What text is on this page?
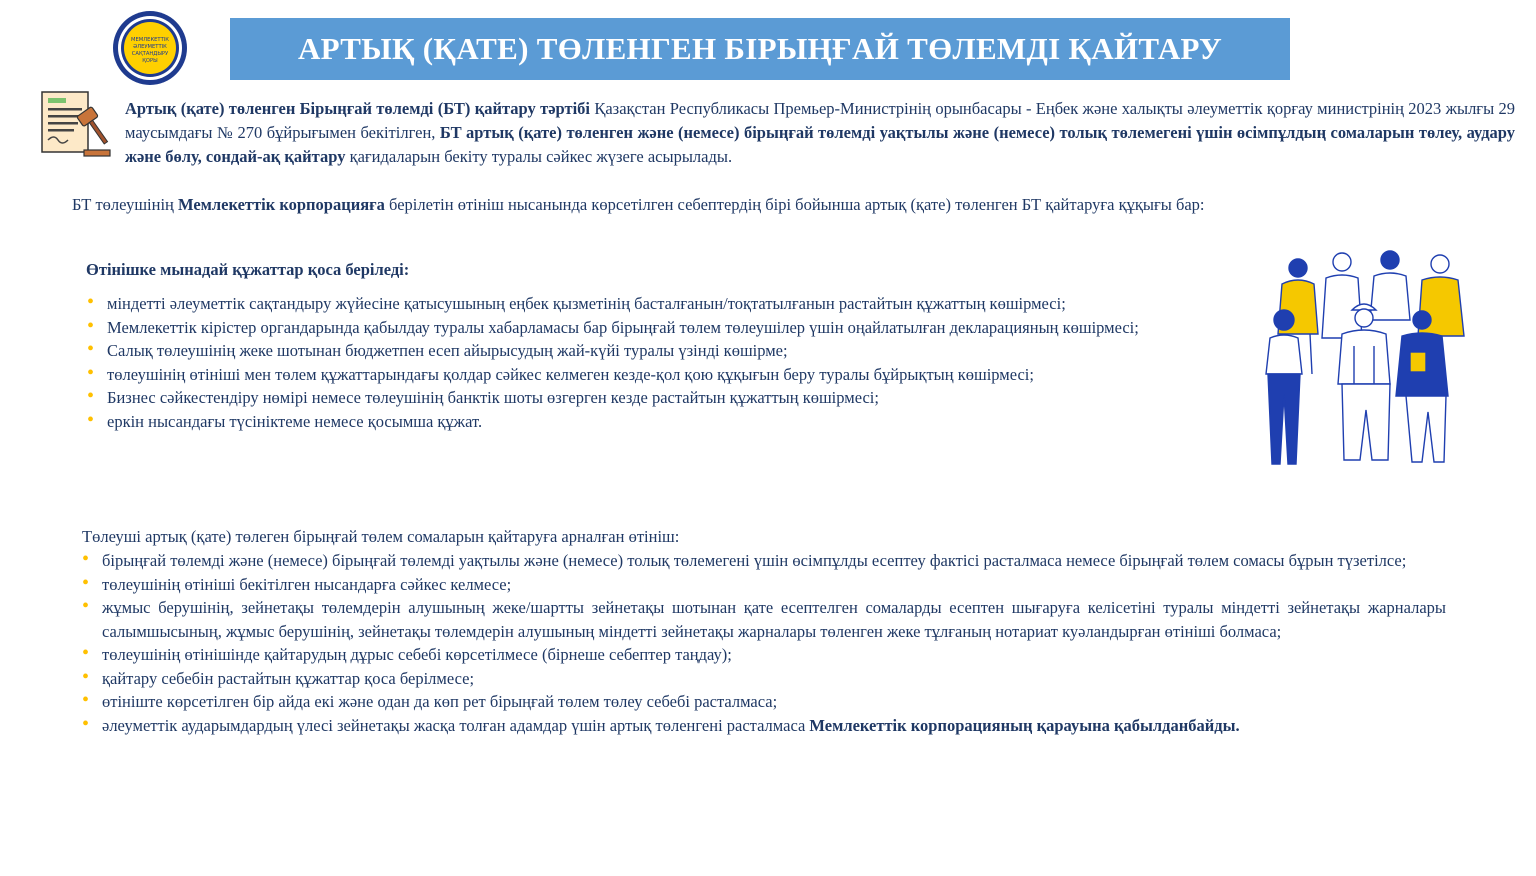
МЕМЛЕКЕТТІК
ӘЛЕУМЕТТІК
САҚТАНДЫРУ
ҚОРЫ	АРТЫҚ (ҚАТЕ) ТӨЛЕНГЕН БІРЫҢҒАЙ ТӨЛЕМДІ ҚАЙТАРУ

Артық (қате) төленген Бірыңғай төлемді (БТ) қайтару тәртібі Қазақстан Республикасы Премьер-Министрінің орынбасары - Еңбек және халықты әлеуметтік қорғау министрінің 2023 жылғы 29 маусымдағы № 270 бұйрығымен бекітілген, БТ артық (қате) төленген және (немесе) бірыңғай төлемді уақтылы және (немесе) толық төлемегені үшін өсімпұлдың сомаларын төлеу, аудару және бөлу, сондай-ақ қайтару қағидаларын бекіту туралы сәйкес жүзеге асырылады.

БТ төлеушінің Мемлекеттік корпорацияға берілетін өтініш нысанында көрсетілген себептердің бірі бойынша артық (қате) төленген БТ қайтаруға құқығы бар:

Өтінішке мынадай құжаттар қоса беріледі:

• міндетті әлеуметтік сақтандыру жүйесіне қатысушының еңбек қызметінің басталғанын/тоқтатылғанын растайтын құжаттың көшірмесі;
• Мемлекеттік кірістер органдарында қабылдау туралы хабарламасы бар бірыңғай төлем төлеушілер үшін оңайлатылған декларацияның көшірмесі;
• Салық төлеушінің жеке шотынан бюджетпен есеп айырысудың жай-күйі туралы үзінді көшірме;
• төлеушінің өтініші мен төлем құжаттарындағы қолдар сәйкес келмеген кезде-қол қою құқығын беру туралы бұйрықтың көшірмесі;
• Бизнес сәйкестендіру нөмірі немесе төлеушінің банктік шоты өзгерген кезде растайтын құжаттың көшірмесі;
• еркін нысандағы түсініктеме немесе қосымша құжат.

Төлеуші артық (қате) төлеген бірыңғай төлем сомаларын қайтаруға арналған өтініш:

• бірыңғай төлемді және (немесе) бірыңғай төлемді уақтылы және (немесе) толық төлемегені үшін өсімпұлды есептеу фактісі расталмаса немесе бірыңғай төлем сомасы бұрын түзетілсе;
• төлеушінің өтініші бекітілген нысандарға сәйкес келмесе;
• жұмыс берушінің, зейнетақы төлемдерін алушының жеке/шартты зейнетақы шотынан қате есептелген сомаларды есептен шығаруға келісетіні туралы міндетті зейнетақы жарналары салымшысының, жұмыс берушінің, зейнетақы төлемдерін алушының міндетті зейнетақы жарналары төленген жеке тұлғаның нотариат куәландырған өтініші болмаса;
• төлеушінің өтінішінде қайтарудың дұрыс себебі көрсетілмесе (бірнеше себептер таңдау);
• қайтару себебін растайтын құжаттар қоса берілмесе;
• өтініште көрсетілген бір айда екі және одан да көп рет бірыңғай төлем төлеу себебі расталмаса;
• әлеуметтік аударымдардың үлесі зейнетақы жасқа толған адамдар үшін артық төленгені расталмаса Мемлекеттік корпорацияның қарауына қабылданбайды.
